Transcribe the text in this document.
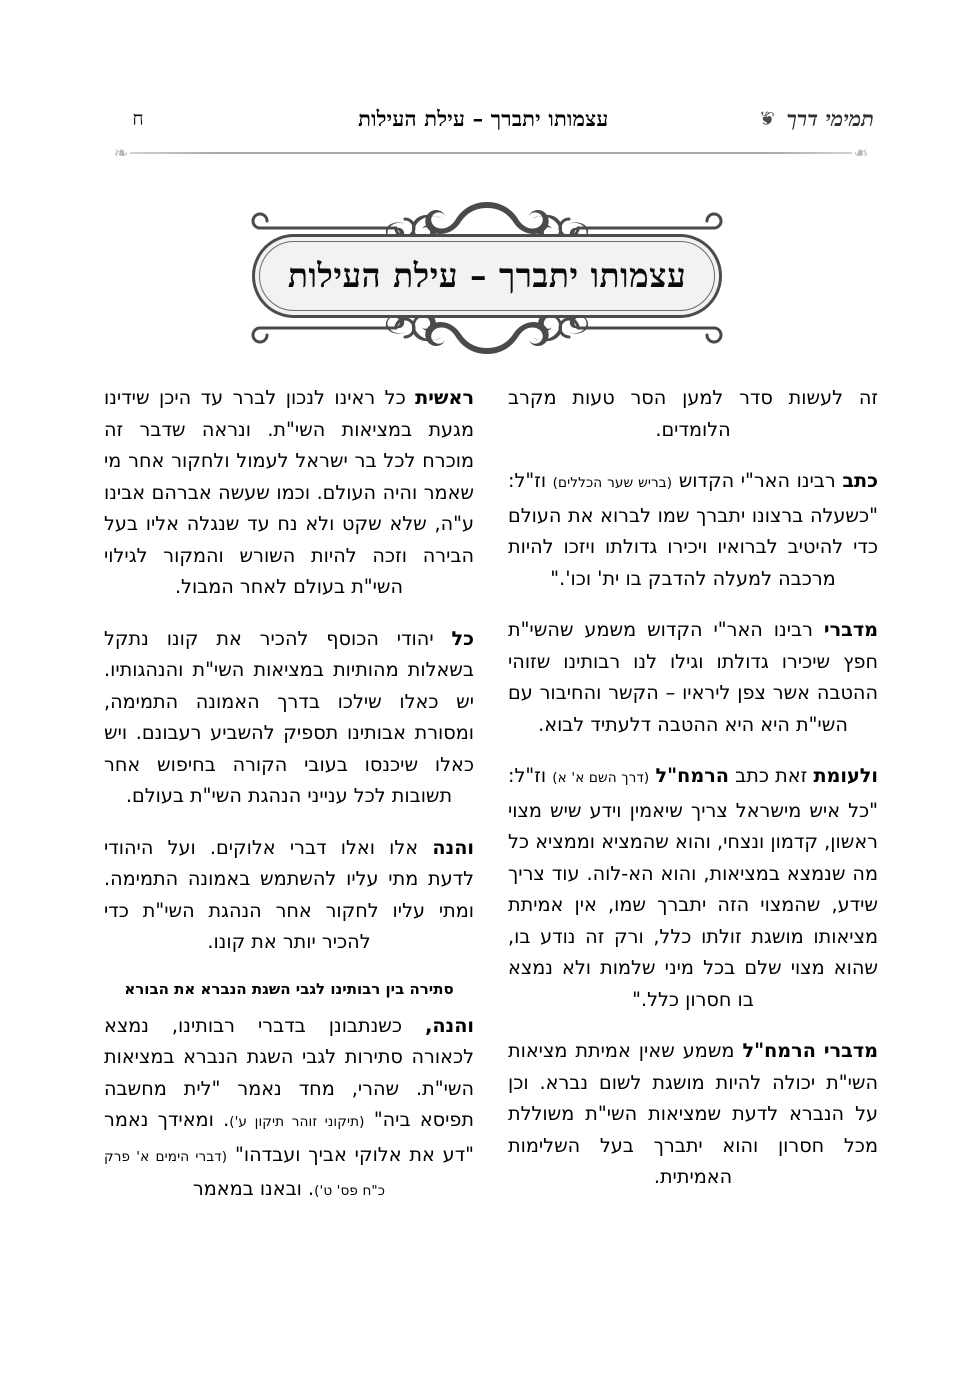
ח	עצמותו יתברך – עילת העילות	תמימי דרך
❦
❧	❧
עצמותו יתברך – עילת העילות

ראשית כל ראינו לנכון לברר עד היכן שידינו מגעת במציאות השי"ת. ונראה שדבר זה מוכרח לכל בר ישראל לעמול ולחקור אחר מי שאמר והיה העולם. וכמו שעשה אברהם אבינו ע"ה, שלא שקט ולא נח עד שנגלה אליו בעל הבירה וזכה להיות השורש והמקור לגילוי השי"ת בעולם לאחר המבול.

כל יהודי הכוסף להכיר את קונו נתקל בשאלות מהותיות במציאות השי"ת והנהגותיו. יש כאלו שילכו בדרך האמונה התמימה, ומסורת אבותינו תספיק להשביע רעבונם. ויש כאלו שיכנסו בעובי הקורה בחיפוש אחר תשובות לכל ענייני הנהגת השי"ת בעולם.

והנה אלו ואלו דברי אלוקים. ועל היהודי לדעת מתי עליו להשתמש באמונה התמימה. ומתי עליו לחקור אחר הנהגת השי"ת כדי להכיר יותר את קונו.

סתירה בין רבותינו לגבי השגת הנברא את הבורא

והנה, כשנתבונן בדברי רבותינו, נמצא לכאורה סתירות לגבי השגת הנברא במציאות השי"ת. שהרי, מחד נאמר "לית מחשבה תפיסא ביה" (תיקוני זוהר תיקון ע'). ומאידך נאמר "דע את אלוקי אביך ועבדהו" (דברי הימים א' פרק כ"ח פס' ט'). ובאנו במאמר

זה לעשות סדר למען הסר טעות מקרב הלומדים.

כתב רבינו האר"י הקדוש (בריש שער הכללים) וז"ל: "כשעלה ברצונו יתברך שמו לברוא את העולם כדי להיטיב לברואיו ויכירו גדולתו ויזכו להיות מרכבה למעלה להדבק בו ית' וכו'."

מדברי רבינו האר"י הקדוש משמע שהשי"ת חפץ שיכירו גדולתו וגילו לנו רבותינו שזוהי ההטבה אשר צפן ליראיו – הקשר והחיבור עם השי"ת היא היא ההטבה דלעתיד לבוא.

ולעומת זאת כתב הרמח"ל (דרך השם א' א) וז"ל: "כל איש מישראל צריך שיאמין וידע שיש מצוי ראשון, קדמון ונצחי, והוא שהמציא וממציא כל מה שנמצא במציאות, והוא הא-לוה. עוד צריך שידע, שהמצוי הזה יתברך שמו, אין אמיתת מציאותו מושגת זולתו כלל, ורק זה נודע בו, שהוא מצוי שלם בכל מיני שלמות ולא נמצא בו חסרון כלל."

מדברי הרמח"ל משמע שאין אמיתת מציאות השי"ת יכולה להיות מושגת לשום נברא. וכן על הנברא לדעת שמציאות השי"ת משוללת מכל חסרון והוא יתברך בעל השלימות האמיתית.
